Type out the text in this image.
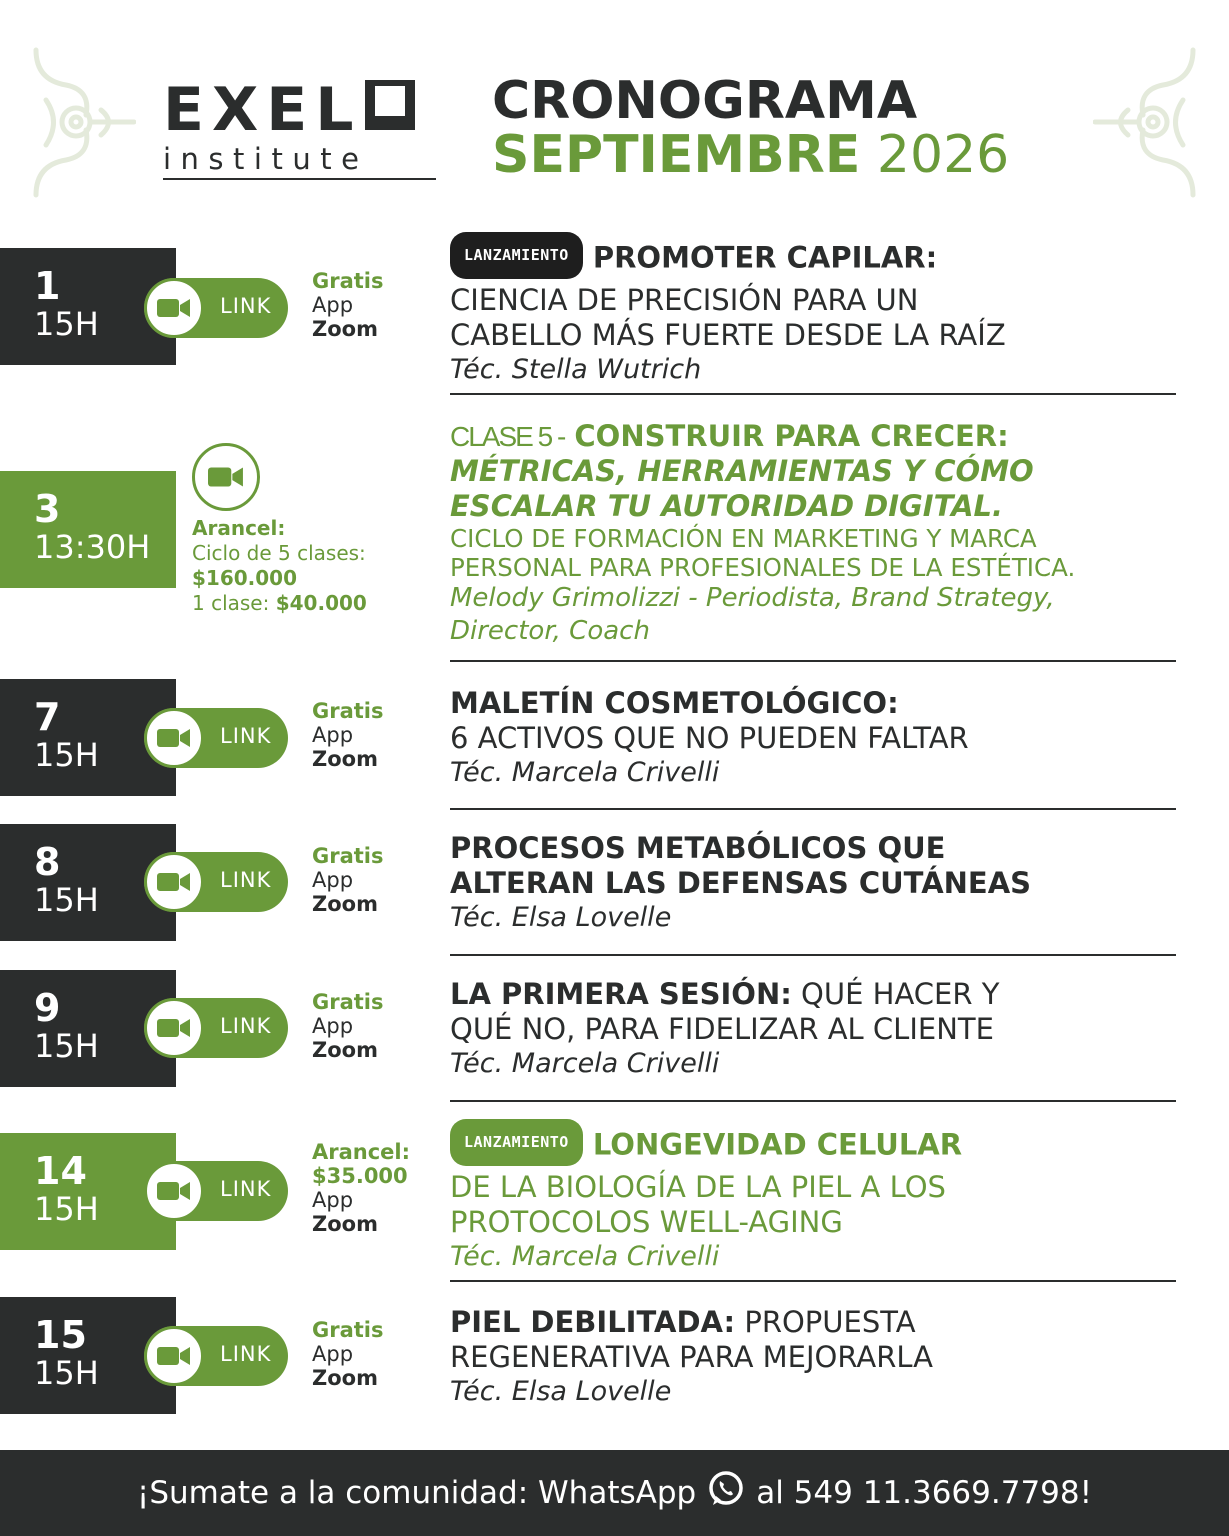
EXEL
institute
CRONOGRAMA
SEPTIEMBRE 2026
1
15H	LINK
Gratis
App
Zoom
LANZAMIENTO PROMOTER CAPILAR:
CIENCIA DE PRECISIÓN PARA UN
CABELLO MÁS FUERTE DESDE LA RAÍZ
Téc. Stella Wutrich
3
13:30H	Arancel:
Ciclo de 5 clases:
$160.000
1 clase: $40.000
CLASE 5 - CONSTRUIR PARA CRECER:
MÉTRICAS, HERRAMIENTAS Y CÓMO
ESCALAR TU AUTORIDAD DIGITAL.
CICLO DE FORMACIÓN EN MARKETING Y MARCA
PERSONAL PARA PROFESIONALES DE LA ESTÉTICA.
Melody Grimolizzi - Periodista, Brand Strategy,
Director, Coach
7
15H	LINK
Gratis
App
Zoom
MALETÍN COSMETOLÓGICO:
6 ACTIVOS QUE NO PUEDEN FALTAR
Téc. Marcela Crivelli
8
15H
LINK
Gratis
App
Zoom
PROCESOS METABÓLICOS QUE
ALTERAN LAS DEFENSAS CUTÁNEAS
Téc. Elsa Lovelle
9
15H
LINK
Gratis
App
Zoom
LA PRIMERA SESIÓN: QUÉ HACER Y
QUÉ NO, PARA FIDELIZAR AL CLIENTE
Téc. Marcela Crivelli
14
15H
LINK
Arancel:
$35.000
App
Zoom
LANZAMIENTO LONGEVIDAD CELULAR
DE LA BIOLOGÍA DE LA PIEL A LOS
PROTOCOLOS WELL-AGING
Téc. Marcela Crivelli
15
15H	LINK
Gratis
App
Zoom
PIEL DEBILITADA: PROPUESTA
REGENERATIVA PARA MEJORARLA
Téc. Elsa Lovelle
¡Sumate a la comunidad: WhatsApp al 549 11.3669.7798!
